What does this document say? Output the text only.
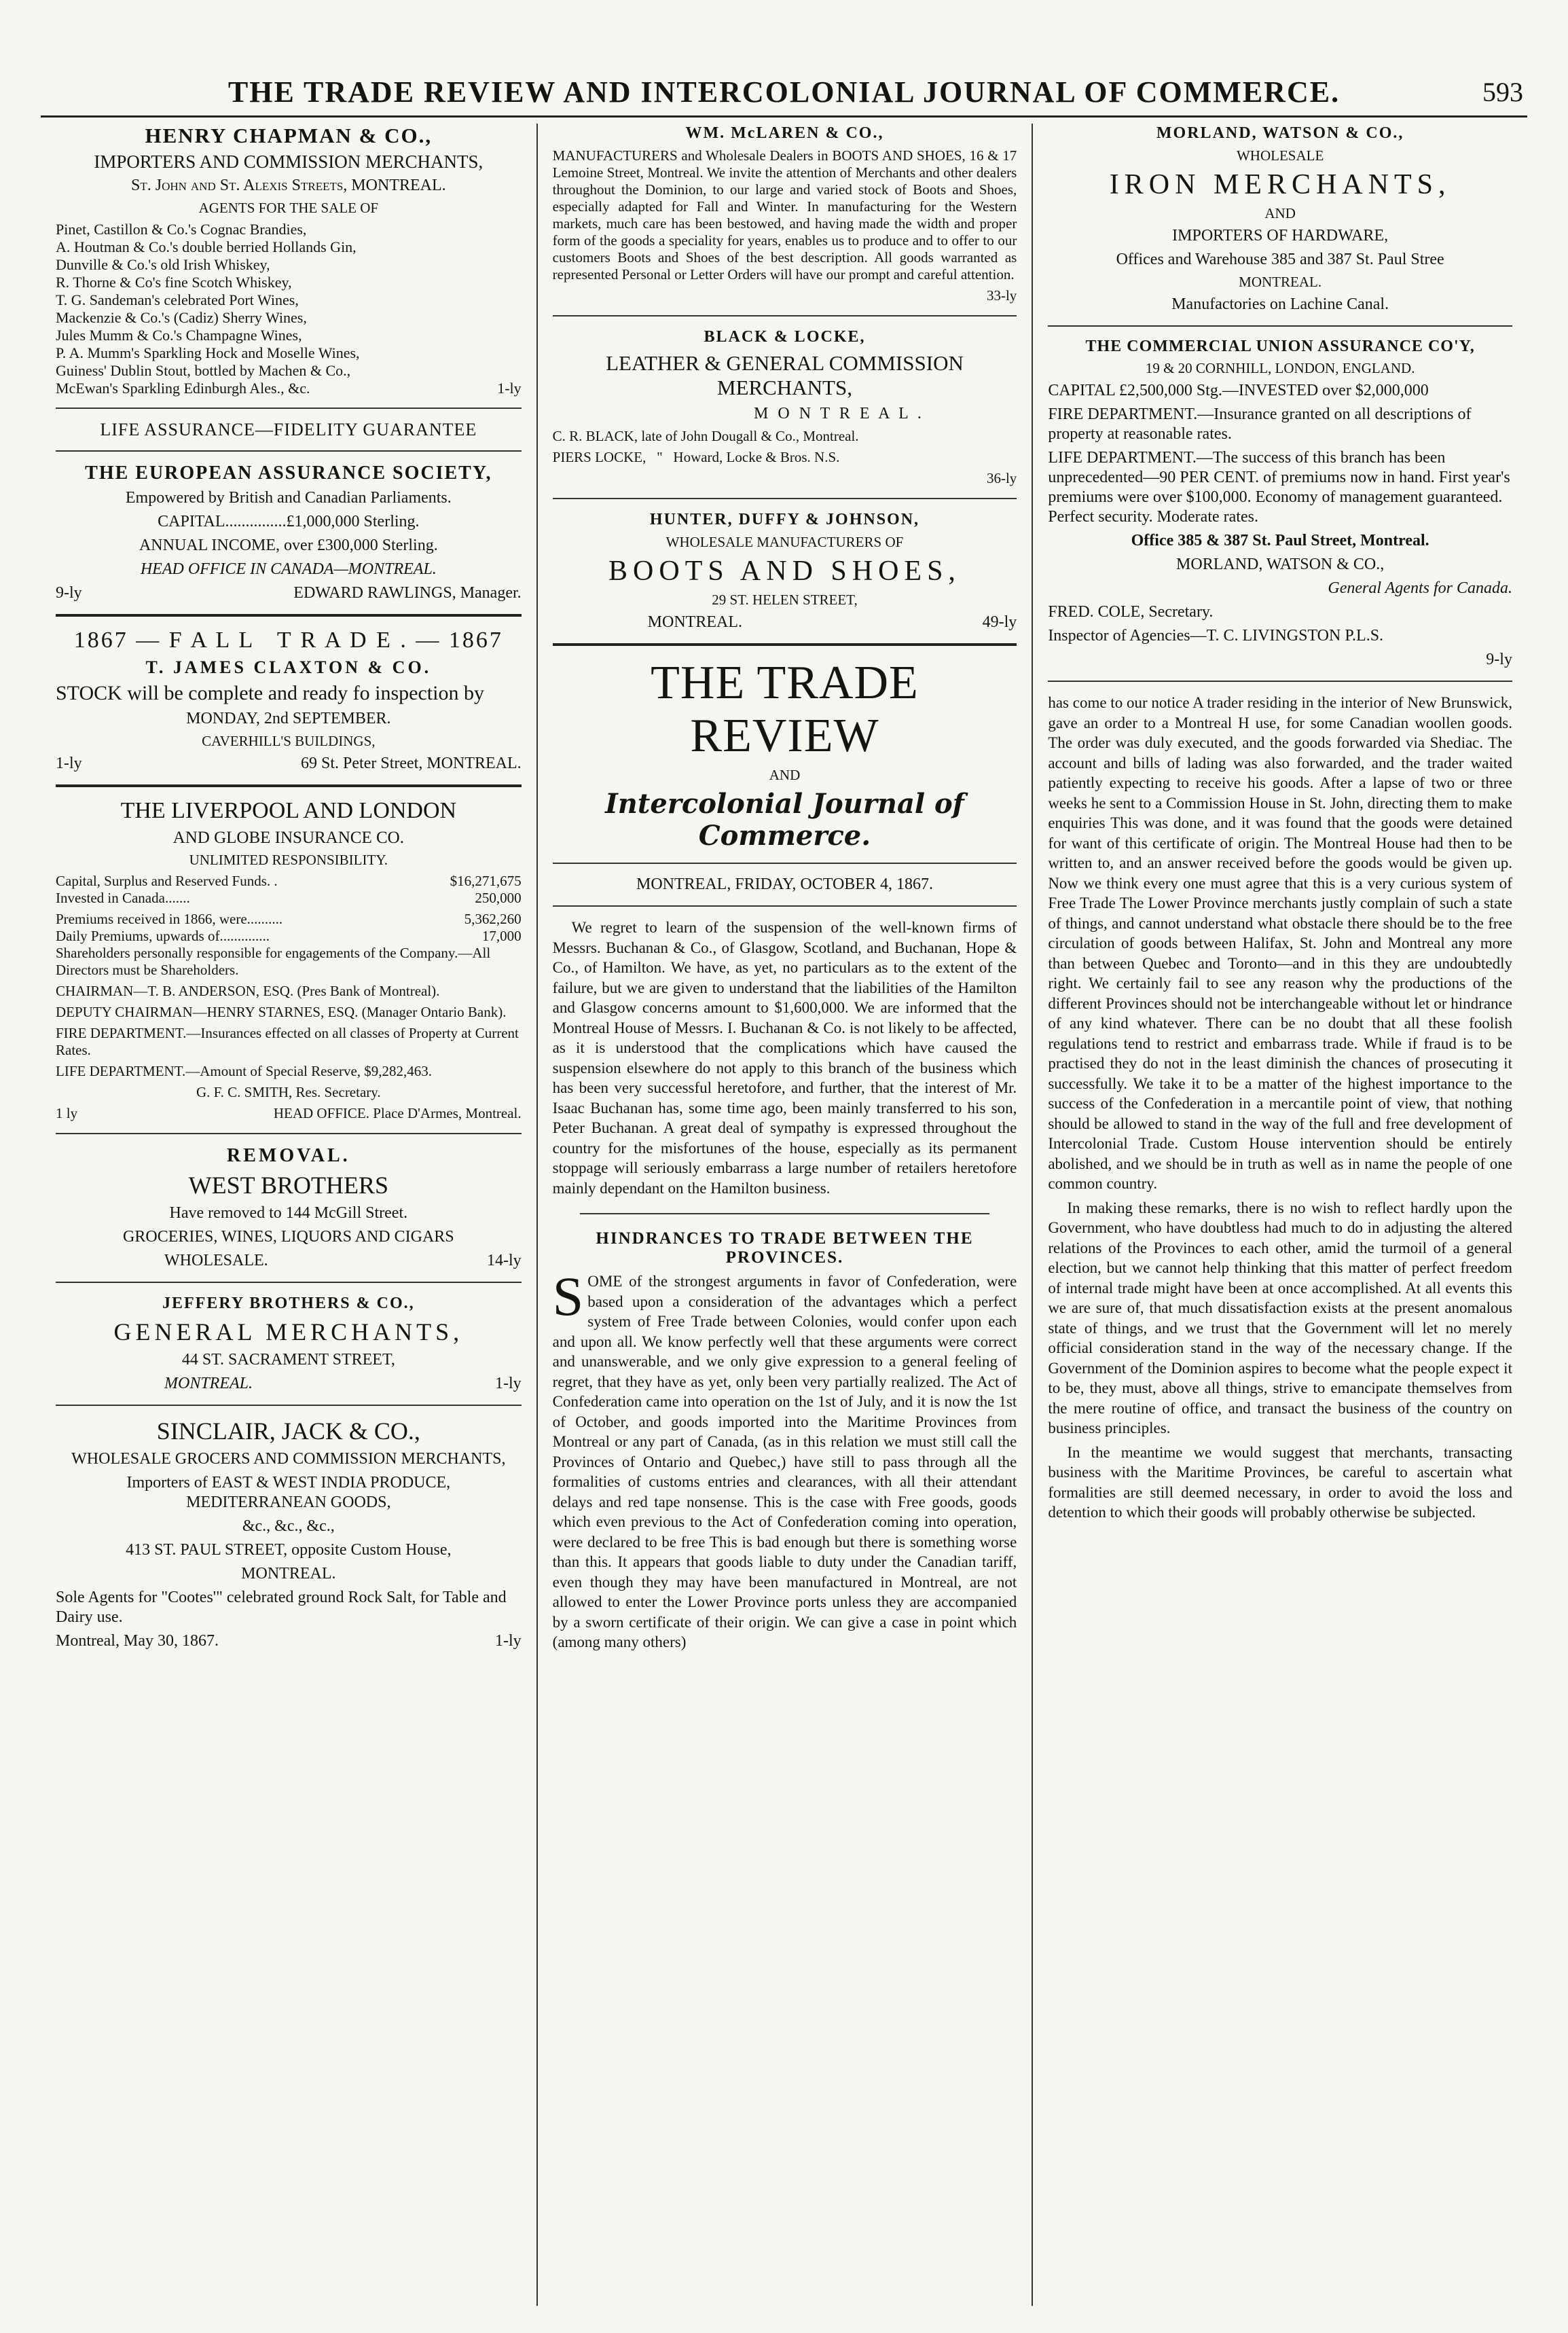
THE TRADE REVIEW AND INTERCOLONIAL JOURNAL OF COMMERCE.	593

HENRY CHAPMAN & CO.,

IMPORTERS AND COMMISSION MERCHANTS,

St. John and St. Alexis Streets, MONTREAL.

AGENTS FOR THE SALE OF

Pinet, Castillon & Co.'s Cognac Brandies,
A. Houtman & Co.'s double berried Hollands Gin,
Dunville & Co.'s old Irish Whiskey,
R. Thorne & Co's fine Scotch Whiskey,
T. G. Sandeman's celebrated Port Wines,
Mackenzie & Co.'s (Cadiz) Sherry Wines,
Jules Mumm & Co.'s Champagne Wines,
P. A. Mumm's Sparkling Hock and Moselle Wines,
Guiness' Dublin Stout, bottled by Machen & Co.,
McEwan's Sparkling Edinburgh Ales., &c.	1-ly

LIFE ASSURANCE—FIDELITY GUARANTEE

THE EUROPEAN ASSURANCE SOCIETY,

Empowered by British and Canadian Parliaments.

CAPITAL...............£1,000,000 Sterling.

ANNUAL INCOME, over £300,000 Sterling.

HEAD OFFICE IN CANADA—MONTREAL.

9-ly	EDWARD RAWLINGS, Manager.

1867 — F A L L   T R A D E . — 1867

T. JAMES CLAXTON & CO.

STOCK will be complete and ready fo inspection by

MONDAY, 2nd SEPTEMBER.

CAVERHILL'S BUILDINGS,

1-ly	69 St. Peter Street, MONTREAL.

THE LIVERPOOL AND LONDON

AND GLOBE INSURANCE CO.

UNLIMITED RESPONSIBILITY.

Capital, Surplus and Reserved Funds. .	$16,271,675
Invested in Canada.......	250,000
Premiums received in 1866, were..........	5,362,260
Daily Premiums, upwards of..............	17,000

Shareholders personally responsible for engagements of the Company.—All Directors must be Shareholders.

CHAIRMAN—T. B. ANDERSON, ESQ. (Pres Bank of Montreal).

DEPUTY CHAIRMAN—HENRY STARNES, ESQ. (Manager Ontario Bank).

FIRE DEPARTMENT.—Insurances effected on all classes of Property at Current Rates.

LIFE DEPARTMENT.—Amount of Special Reserve, $9,282,463.

G. F. C. SMITH, Res. Secretary.

1 ly	HEAD OFFICE. Place D'Armes, Montreal.

REMOVAL.

WEST BROTHERS

Have removed to 144 McGill Street.

GROCERIES, WINES, LIQUORS AND CIGARS

WHOLESALE.	14-ly

JEFFERY BROTHERS & CO.,

GENERAL MERCHANTS,

44 ST. SACRAMENT STREET,

MONTREAL.	1-ly

SINCLAIR, JACK & CO.,

WHOLESALE GROCERS AND COMMISSION MERCHANTS,

Importers of EAST & WEST INDIA PRODUCE, MEDITERRANEAN GOODS,

&c., &c., &c.,

413 ST. PAUL STREET, opposite Custom House,

MONTREAL.

Sole Agents for "Cootes'" celebrated ground Rock Salt, for Table and Dairy use.

Montreal, May 30, 1867.	1-ly

WM. McLAREN & CO.,

MANUFACTURERS and Wholesale Dealers in BOOTS AND SHOES, 16 & 17 Lemoine Street, Montreal. We invite the attention of Merchants and other dealers throughout the Dominion, to our large and varied stock of Boots and Shoes, especially adapted for Fall and Winter. In manufacturing for the Western markets, much care has been bestowed, and having made the width and proper form of the goods a speciality for years, enables us to produce and to offer to our customers Boots and Shoes of the best description. All goods warranted as represented Personal or Letter Orders will have our prompt and careful attention.

33-ly

BLACK & LOCKE,

LEATHER & GENERAL COMMISSION MERCHANTS,

M O N T R E A L .

C. R. BLACK, late of John Dougall & Co., Montreal.

PIERS LOCKE,   "   Howard, Locke & Bros. N.S.

36-ly

HUNTER, DUFFY & JOHNSON,

WHOLESALE MANUFACTURERS OF

BOOTS AND SHOES,

29 ST. HELEN STREET,

MONTREAL.	49-ly

THE TRADE REVIEW

AND

Intercolonial Journal of Commerce.

MONTREAL, FRIDAY, OCTOBER 4, 1867.

We regret to learn of the suspension of the well-known firms of Messrs. Buchanan & Co., of Glasgow, Scotland, and Buchanan, Hope & Co., of Hamilton. We have, as yet, no particulars as to the extent of the failure, but we are given to understand that the liabilities of the Hamilton and Glasgow concerns amount to $1,600,000. We are informed that the Montreal House of Messrs. I. Buchanan & Co. is not likely to be affected, as it is understood that the complications which have caused the suspension elsewhere do not apply to this branch of the business which has been very successful heretofore, and further, that the interest of Mr. Isaac Buchanan has, some time ago, been mainly transferred to his son, Peter Buchanan. A great deal of sympathy is expressed throughout the country for the misfortunes of the house, especially as its permanent stoppage will seriously embarrass a large number of retailers heretofore mainly dependant on the Hamilton business.

HINDRANCES TO TRADE BETWEEN THE PROVINCES.

SOME of the strongest arguments in favor of Confederation, were based upon a consideration of the advantages which a perfect system of Free Trade between Colonies, would confer upon each and upon all. We know perfectly well that these arguments were correct and unanswerable, and we only give expression to a general feeling of regret, that they have as yet, only been very partially realized. The Act of Confederation came into operation on the 1st of July, and it is now the 1st of October, and goods imported into the Maritime Provinces from Montreal or any part of Canada, (as in this relation we must still call the Provinces of Ontario and Quebec,) have still to pass through all the formalities of customs entries and clearances, with all their attendant delays and red tape nonsense. This is the case with Free goods, goods which even previous to the Act of Confederation coming into operation, were declared to be free This is bad enough but there is something worse than this. It appears that goods liable to duty under the Canadian tariff, even though they may have been manufactured in Montreal, are not allowed to enter the Lower Province ports unless they are accompanied by a sworn certificate of their origin. We can give a case in point which (among many others)

MORLAND, WATSON & CO.,

WHOLESALE

IRON MERCHANTS,

AND

IMPORTERS OF HARDWARE,

Offices and Warehouse 385 and 387 St. Paul Stree

MONTREAL.

Manufactories on Lachine Canal.

THE COMMERCIAL UNION ASSURANCE CO'Y,

19 & 20 CORNHILL, LONDON, ENGLAND.

CAPITAL £2,500,000 Stg.—INVESTED over $2,000,000

FIRE DEPARTMENT.—Insurance granted on all descriptions of property at reasonable rates.

LIFE DEPARTMENT.—The success of this branch has been unprecedented—90 PER CENT. of premiums now in hand. First year's premiums were over $100,000. Economy of management guaranteed. Perfect security. Moderate rates.

Office 385 & 387 St. Paul Street, Montreal.

MORLAND, WATSON & CO.,

General Agents for Canada.

FRED. COLE, Secretary.

Inspector of Agencies—T. C. LIVINGSTON P.L.S.

9-ly

has come to our notice A trader residing in the interior of New Brunswick, gave an order to a Montreal H use, for some Canadian woollen goods. The order was duly executed, and the goods forwarded via Shediac. The account and bills of lading was also forwarded, and the trader waited patiently expecting to receive his goods. After a lapse of two or three weeks he sent to a Commission House in St. John, directing them to make enquiries This was done, and it was found that the goods were detained for want of this certificate of origin. The Montreal House had then to be written to, and an answer received before the goods would be given up. Now we think every one must agree that this is a very curious system of Free Trade The Lower Province merchants justly complain of such a state of things, and cannot understand what obstacle there should be to the free circulation of goods between Halifax, St. John and Montreal any more than between Quebec and Toronto—and in this they are undoubtedly right. We certainly fail to see any reason why the productions of the different Provinces should not be interchangeable without let or hindrance of any kind whatever. There can be no doubt that all these foolish regulations tend to restrict and embarrass trade. While if fraud is to be practised they do not in the least diminish the chances of prosecuting it successfully. We take it to be a matter of the highest importance to the success of the Confederation in a mercantile point of view, that nothing should be allowed to stand in the way of the full and free development of Intercolonial Trade. Custom House intervention should be entirely abolished, and we should be in truth as well as in name the people of one common country.

In making these remarks, there is no wish to reflect hardly upon the Government, who have doubtless had much to do in adjusting the altered relations of the Provinces to each other, amid the turmoil of a general election, but we cannot help thinking that this matter of perfect freedom of internal trade might have been at once accomplished. At all events this we are sure of, that much dissatisfaction exists at the present anomalous state of things, and we trust that the Government will let no merely official consideration stand in the way of the necessary change. If the Government of the Dominion aspires to become what the people expect it to be, they must, above all things, strive to emancipate themselves from the mere routine of office, and transact the business of the country on business principles.

In the meantime we would suggest that merchants, transacting business with the Maritime Provinces, be careful to ascertain what formalities are still deemed necessary, in order to avoid the loss and detention to which their goods will probably otherwise be subjected.
